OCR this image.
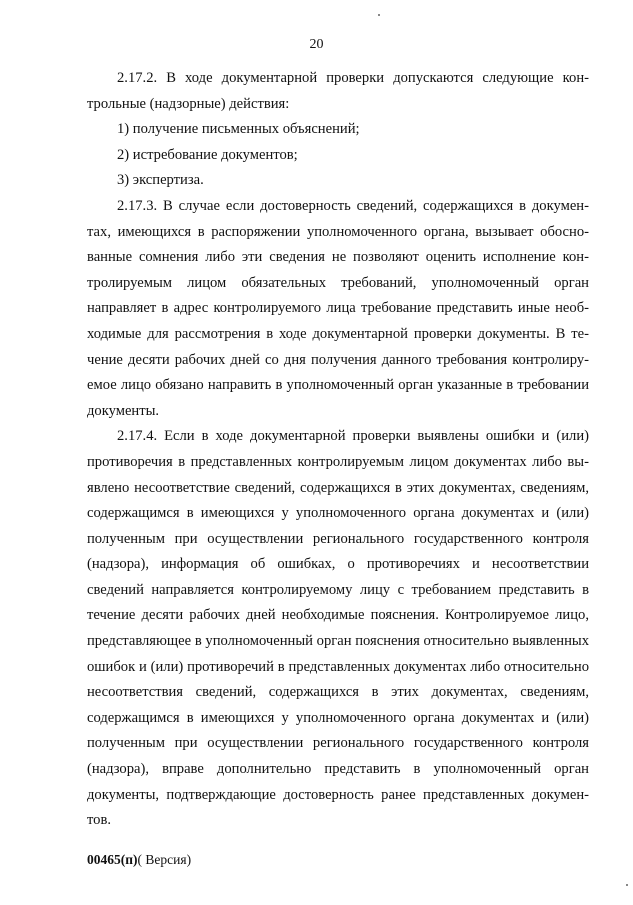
20

2.17.2. В ходе документарной проверки допускаются следующие контрольные (надзорные) действия:

1) получение письменных объяснений;

2) истребование документов;

3) экспертиза.

2.17.3. В случае если достоверность сведений, содержащихся в документах, имеющихся в распоряжении уполномоченного органа, вызывает обоснованные сомнения либо эти сведения не позволяют оценить исполнение контролируемым лицом обязательных требований, уполномоченный орган направляет в адрес контролируемого лица требование представить иные необходимые для рассмотрения в ходе документарной проверки документы. В течение десяти рабочих дней со дня получения данного требования контролируемое лицо обязано направить в уполномоченный орган указанные в требовании документы.

2.17.4. Если в ходе документарной проверки выявлены ошибки и (или) противоречия в представленных контролируемым лицом документах либо выявлено несоответствие сведений, содержащихся в этих документах, сведениям, содержащимся в имеющихся у уполномоченного органа документах и (или) полученным при осуществлении регионального государственного контроля (надзора), информация об ошибках, о противоречиях и несоответствии сведений направляется контролируемому лицу с требованием представить в течение десяти рабочих дней необходимые пояснения. Контролируемое лицо, представляющее в уполномоченный орган пояснения относительно выявленных ошибок и (или) противоречий в представленных документах либо относительно несоответствия сведений, содержащихся в этих документах, сведениям, содержащимся в имеющихся у уполномоченного органа документах и (или) полученным при осуществлении регионального государственного контроля (надзора), вправе дополнительно представить в уполномоченный орган документы, подтверждающие достоверность ранее представленных документов.

00465(п)( Версия)
